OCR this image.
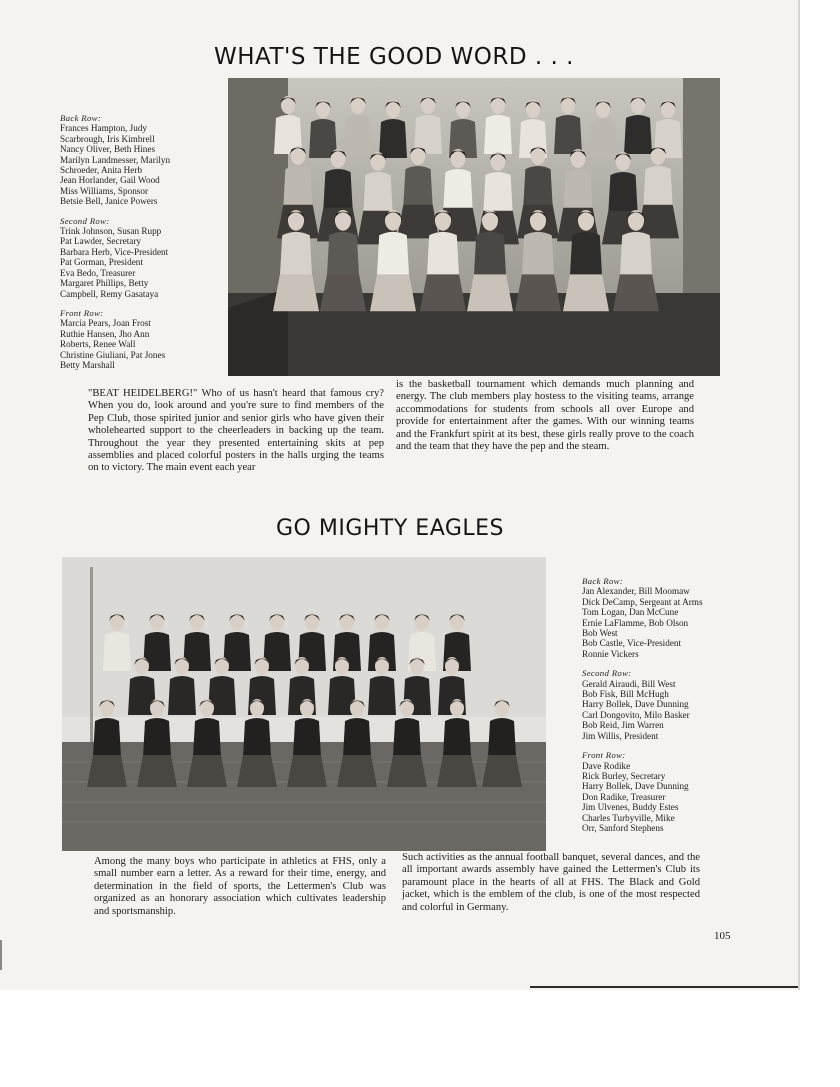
WHAT'S THE GOOD WORD . . .
Back Row:
Frances Hampton, Judy
Scarbrough, Iris Kimbrell
Nancy Oliver, Beth Hines
Marilyn Landmesser, Marilyn
Schroeder, Anita Herb
Jean Horlander, Gail Wood
Miss Williams, Sponsor
Betsie Bell, Janice Powers
Second Row:
Trink Johnson, Susan Rupp
Pat Lawder, Secretary
Barbara Herb, Vice-President
Pat Gorman, President
Eva Bedo, Treasurer
Margaret Phillips, Betty
Campbell, Remy Gasataya
Front Row:
Marcia Pears, Joan Frost
Ruthie Hansen, Jho Ann
Roberts, Renee Wall
Christine Giuliani, Pat Jones
Betty Marshall
"BEAT HEIDELBERG!" Who of us hasn't heard that famous cry? When you do, look around and you're sure to find members of the Pep Club, those spirited junior and senior girls who have given their wholehearted support to the cheerleaders in backing up the team. Throughout the year they presented entertaining skits at pep assemblies and placed colorful posters in the halls urging the teams on to victory. The main event each year
is the basketball tournament which demands much planning and energy. The club members play hostess to the visiting teams, arrange accommodations for students from schools all over Europe and provide for entertainment after the games. With our winning teams and the Frankfurt spirit at its best, these girls really prove to the coach and the team that they have the pep and the steam.
GO MIGHTY EAGLES
Back Row:
Jan Alexander, Bill Moomaw
Dick DeCamp, Sergeant at Arms
Tom Logan, Dan McCune
Ernie LaFlamme, Bob Olson
Bob West
Bob Castle, Vice-President
Ronnie Vickers
Second Row:
Gerald Airaudi, Bill West
Bob Fisk, Bill McHugh
Harry Bollek, Dave Dunning
Carl Dongovito, Milo Basker
Bob Reid, Jim Warren
Jim Willis, President
Front Row:
Dave Rodike
Rick Burley, Secretary
Harry Bollek, Dave Dunning
Don Radike, Treasurer
Jim Ulvenes, Buddy Estes
Charles Turbyville, Mike
Orr, Sanford Stephens
Among the many boys who participate in athletics at FHS, only a small number earn a letter. As a reward for their time, energy, and determination in the field of sports, the Lettermen's Club was organized as an honorary association which cultivates leadership and sportsmanship.
Such activities as the annual football banquet, several dances, and the all important awards assembly have gained the Lettermen's Club its paramount place in the hearts of all at FHS. The Black and Gold jacket, which is the emblem of the club, is one of the most respected and colorful in Germany.
105
